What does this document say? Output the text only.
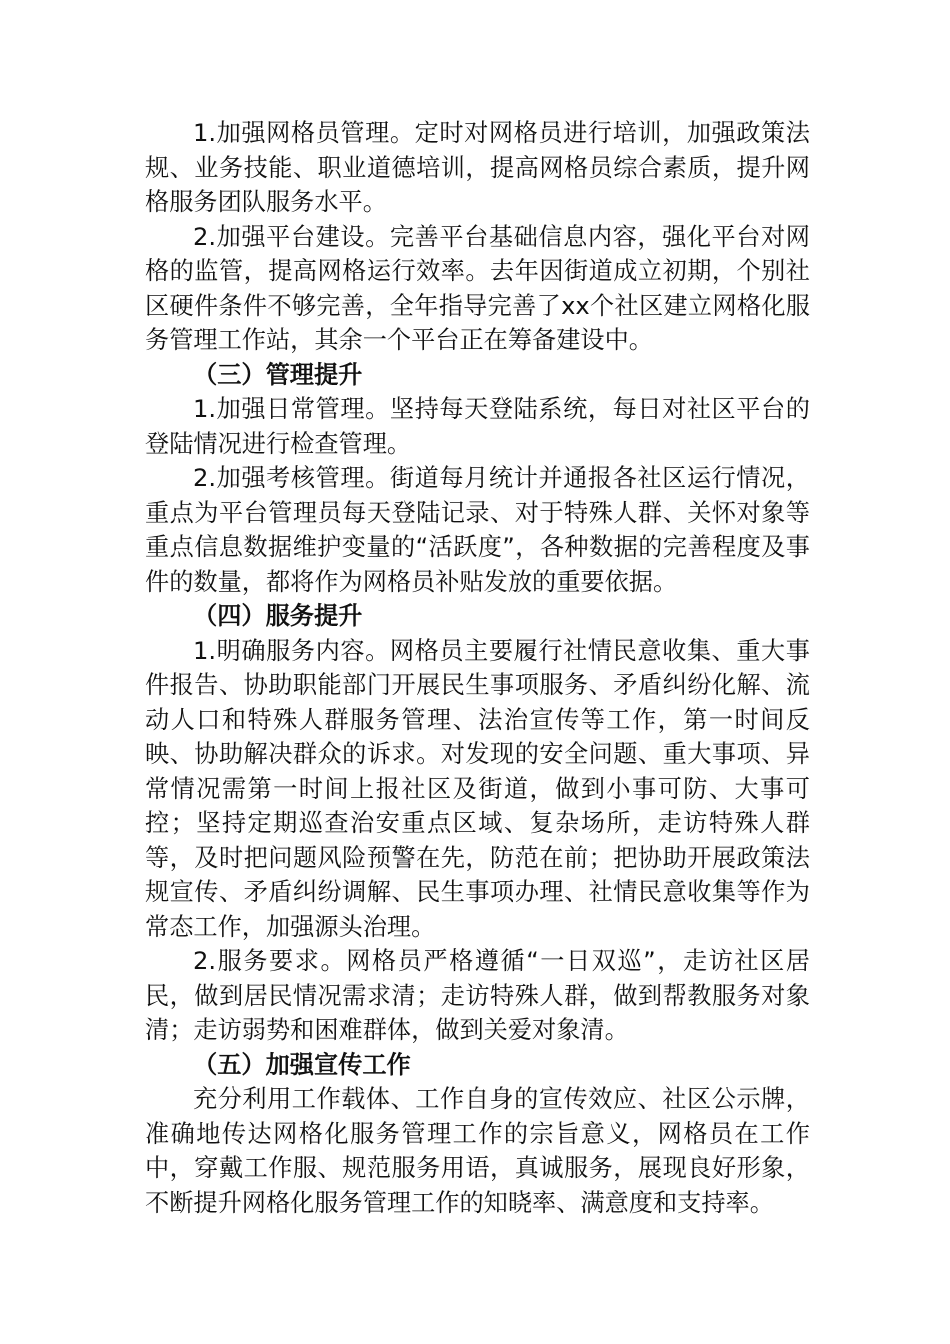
1.加强网格员管理。定时对网格员进行培训，加强政策法规、业务技能、职业道德培训，提高网格员综合素质，提升网格服务团队服务水平。

2.加强平台建设。完善平台基础信息内容，强化平台对网格的监管，提高网格运行效率。去年因街道成立初期，个别社区硬件条件不够完善，全年指导完善了xx个社区建立网格化服务管理工作站，其余一个平台正在筹备建设中。

（三）管理提升

1.加强日常管理。坚持每天登陆系统，每日对社区平台的登陆情况进行检查管理。

2.加强考核管理。街道每月统计并通报各社区运行情况，重点为平台管理员每天登陆记录、对于特殊人群、关怀对象等重点信息数据维护变量的“活跃度”，各种数据的完善程度及事件的数量，都将作为网格员补贴发放的重要依据。

（四）服务提升

1.明确服务内容。网格员主要履行社情民意收集、重大事件报告、协助职能部门开展民生事项服务、矛盾纠纷化解、流动人口和特殊人群服务管理、法治宣传等工作，第一时间反映、协助解决群众的诉求。对发现的安全问题、重大事项、异常情况需第一时间上报社区及街道，做到小事可防、大事可控；坚持定期巡查治安重点区域、复杂场所，走访特殊人群等，及时把问题风险预警在先，防范在前；把协助开展政策法规宣传、矛盾纠纷调解、民生事项办理、社情民意收集等作为常态工作，加强源头治理。

2.服务要求。网格员严格遵循“一日双巡”，走访社区居民，做到居民情况需求清；走访特殊人群，做到帮教服务对象清；走访弱势和困难群体，做到关爱对象清。

（五）加强宣传工作

充分利用工作载体、工作自身的宣传效应、社区公示牌，准确地传达网格化服务管理工作的宗旨意义，网格员在工作中，穿戴工作服、规范服务用语，真诚服务，展现良好形象，不断提升网格化服务管理工作的知晓率、满意度和支持率。
